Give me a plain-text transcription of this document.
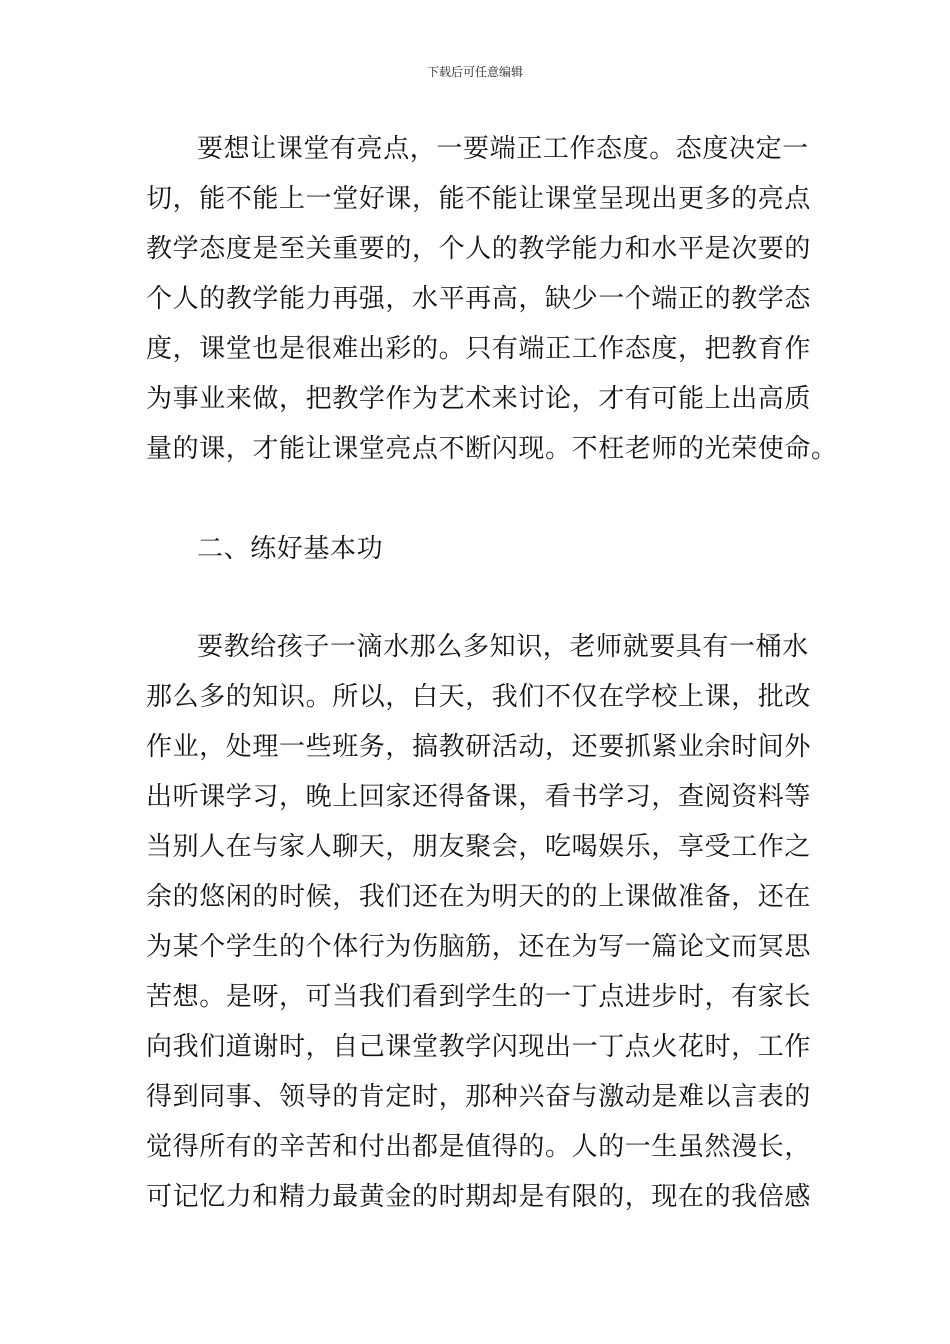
下载后可任意编辑
要想让课堂有亮点，一要端正工作态度。态度决定一
切，能不能上一堂好课，能不能让课堂呈现出更多的亮点
教学态度是至关重要的，个人的教学能力和水平是次要的
个人的教学能力再强，水平再高，缺少一个端正的教学态
度，课堂也是很难出彩的。只有端正工作态度，把教育作
为事业来做，把教学作为艺术来讨论，才有可能上出高质
量的课，才能让课堂亮点不断闪现。不枉老师的光荣使命。
二、练好基本功
要教给孩子一滴水那么多知识，老师就要具有一桶水
那么多的知识。所以，白天，我们不仅在学校上课，批改
作业，处理一些班务，搞教研活动，还要抓紧业余时间外
出听课学习，晚上回家还得备课，看书学习，查阅资料等
当别人在与家人聊天，朋友聚会，吃喝娱乐，享受工作之
余的悠闲的时候，我们还在为明天的的上课做准备，还在
为某个学生的个体行为伤脑筋，还在为写一篇论文而冥思
苦想。是呀，可当我们看到学生的一丁点进步时，有家长
向我们道谢时，自己课堂教学闪现出一丁点火花时，工作
得到同事、领导的肯定时，那种兴奋与激动是难以言表的
觉得所有的辛苦和付出都是值得的。人的一生虽然漫长，
可记忆力和精力最黄金的时期却是有限的，现在的我倍感
